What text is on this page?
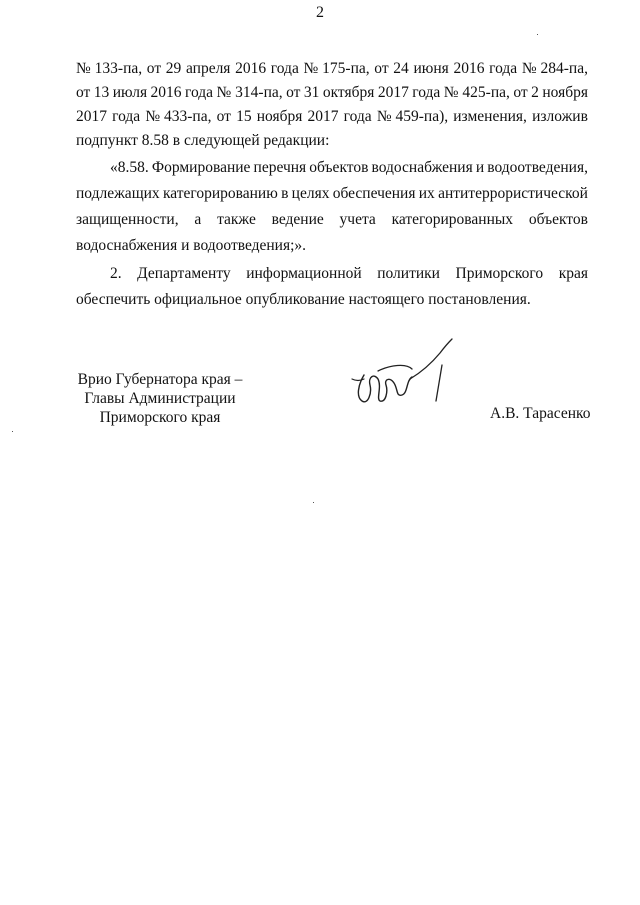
2
№ 133-па, от 29 апреля 2016 года № 175-па, от 24 июня 2016 года № 284-па,
от 13 июля 2016 года № 314-па, от 31 октября 2017 года № 425-па, от 2 ноября
2017 года № 433-па, от 15 ноября 2017 года № 459-па), изменения, изложив
подпункт 8.58 в следующей редакции:
«8.58. Формирование перечня объектов водоснабжения и водоотведения,
подлежащих категорированию в целях обеспечения их антитеррористической
защищенности, а также ведение учета категорированных объектов
водоснабжения и водоотведения;».
2. Департаменту информационной политики Приморского края
обеспечить официальное опубликование настоящего постановления.
Врио Губернатора края –
Главы Администрации
Приморского края	А.В. Тарасенко
